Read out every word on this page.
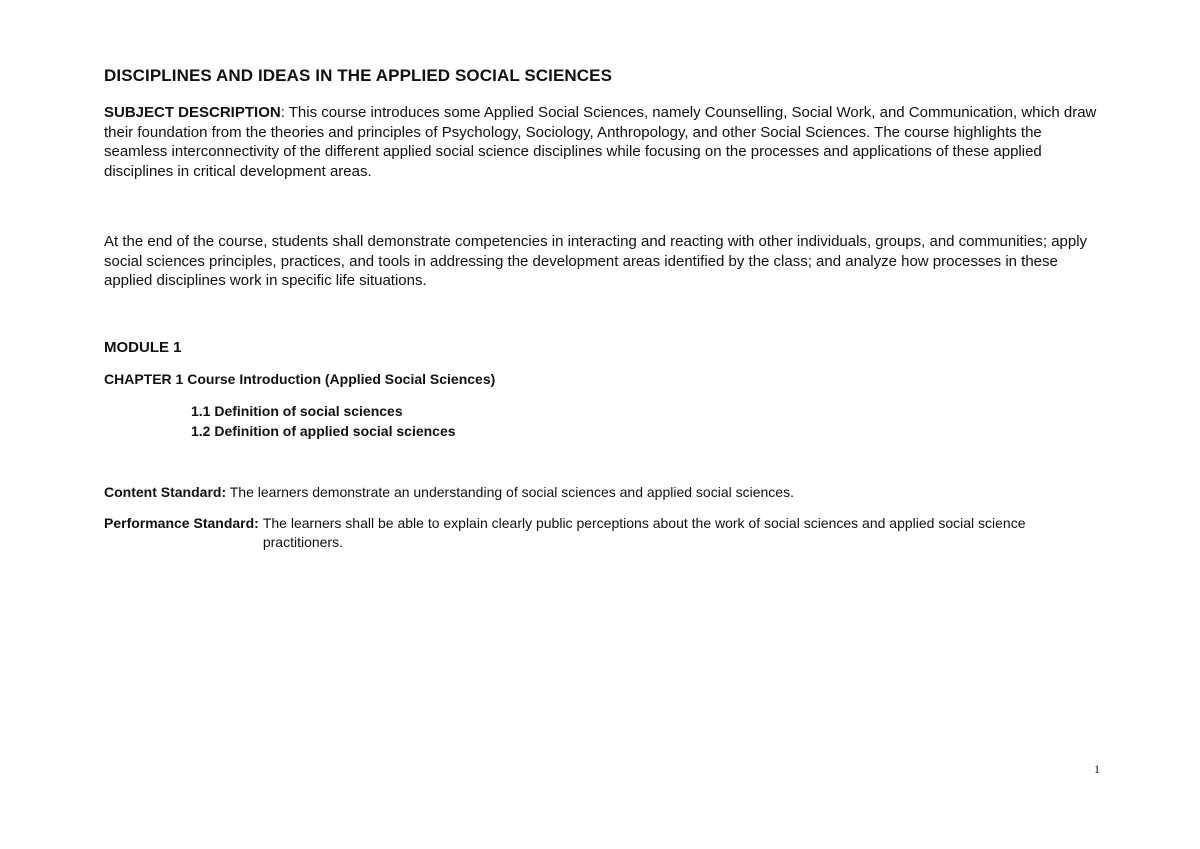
DISCIPLINES AND IDEAS IN THE APPLIED SOCIAL SCIENCES
SUBJECT DESCRIPTION: This course introduces some Applied Social Sciences, namely Counselling, Social Work, and Communication, which draw their foundation from the theories and principles of Psychology, Sociology, Anthropology, and other Social Sciences. The course highlights the seamless interconnectivity of the different applied social science disciplines while focusing on the processes and applications of these applied disciplines in critical development areas.
At the end of the course, students shall demonstrate competencies in interacting and reacting with other individuals, groups, and communities; apply social sciences principles, practices, and tools in addressing the development areas identified by the class; and analyze how processes in these applied disciplines work in specific life situations.
MODULE 1
CHAPTER 1 Course Introduction (Applied Social Sciences)
1.1 Definition of social sciences
1.2 Definition of applied social sciences
Content Standard: The learners demonstrate an understanding of social sciences and applied social sciences.
Performance Standard: The learners shall be able to explain clearly public perceptions about the work of social sciences and applied social science practitioners.
1
